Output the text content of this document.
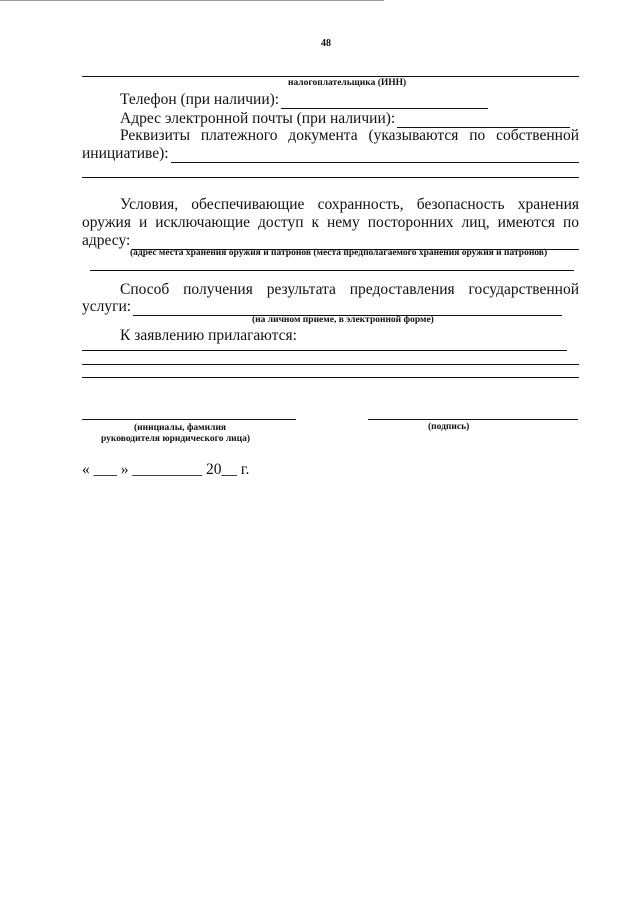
48
налогоплательщика (ИНН)
Телефон (при наличии):
Адрес электронной почты (при наличии):
Реквизиты платежного документа (указываются по собственной
инициативе):
Условия, обеспечивающие сохранность, безопасность хранения
оружия и исключающие доступ к нему посторонних лиц, имеются по
адресу:
(адрес места хранения оружия и патронов (места предполагаемого хранения оружия и патронов)
Способ получения результата предоставления государственной
услуги:
(на личном приеме, в электронной форме)
К заявлению прилагаются:
(инициалы, фамилия
руководителя юридического лица)
(подпись)
« ___ » _________ 20__ г.
